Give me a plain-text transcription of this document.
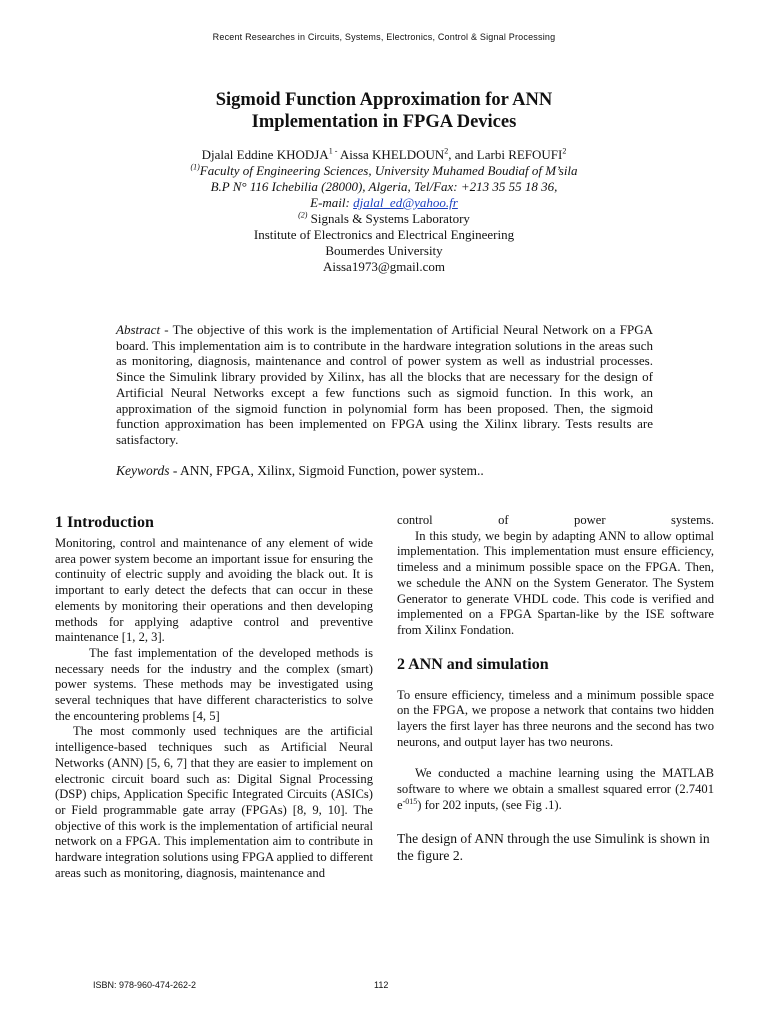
Recent Researches in Circuits, Systems, Electronics, Control & Signal Processing
Sigmoid Function Approximation for ANN
Implementation in FPGA Devices
Djalal Eddine $KHODJA^{1 -}$ Aissa KHELDOUN$^2$, and Larbi REFOUFI$^2$
$^{(1)}$Faculty of Engineering Sciences, University Muhamed Boudiaf of M’sila
B.P N° 116 Ichebilia (28000), Algeria, Tel/Fax: +213 35 55 18 36,
E-mail: djalal_ed@yahoo.fr
$^{(2)}$ Signals & Systems Laboratory
Institute of Electronics and Electrical Engineering
Boumerdes University
Aissa1973@gmail.com
Abstract - The objective of this work is the implementation of Artificial Neural Network on a FPGA board. This implementation aim is to contribute in the hardware integration solutions in the areas such as monitoring, diagnosis, maintenance and control of power system as well as industrial processes. Since the Simulink library provided by Xilinx, has all the blocks that are necessary for the design of Artificial Neural Networks except a few functions such as sigmoid function. In this work, an approximation of the sigmoid function in polynomial form has been proposed. Then, the sigmoid function approximation has been implemented on FPGA using the Xilinx library. Tests results are satisfactory.
Keywords - ANN, FPGA, Xilinx, Sigmoid Function, power system..
1 Introduction

Monitoring, control and maintenance of any element of wide area power system become an important issue for ensuring the continuity of electric supply and avoiding the black out. It is important to early detect the defects that can occur in these elements by monitoring their operations and then developing methods for applying adaptive control and preventive maintenance [1, 2, 3].

The fast implementation of the developed methods is necessary needs for the industry and the complex (smart) power systems. These methods may be investigated using several techniques that have different characteristics to solve the encountering problems [4, 5]

The most commonly used techniques are the artificial intelligence-based techniques such as Artificial Neural Networks (ANN) [5, 6, 7] that they are easier to implement on electronic circuit board such as: Digital Signal Processing (DSP) chips, Application Specific Integrated Circuits (ASICs) or Field programmable gate array (FPGAs) [8, 9, 10]. The objective of this work is the implementation of artificial neural network on a FPGA. This implementation aim to contribute in hardware integration solutions using FPGA applied to different areas such as monitoring, diagnosis, maintenance and

control of power systems.

In this study, we begin by adapting ANN to allow optimal implementation. This implementation must ensure efficiency, timeless and a minimum possible space on the FPGA. Then, we schedule the ANN on the System Generator. The System Generator to generate VHDL code. This code is verified and implemented on a FPGA Spartan-like by the ISE software from Xilinx Fondation.

2 ANN and simulation

To ensure efficiency, timeless and a minimum possible space on the FPGA, we propose a network that contains two hidden layers the first layer has three neurons and the second has two neurons, and output layer has two neurons.

We conducted a machine learning using the MATLAB software to where we obtain a smallest squared error (2.7401 $e^{-015}$) for 202 inputs, (see Fig .1).

The design of ANN through the use Simulink is shown in the figure 2.

ISBN: 978-960-474-262-2	112
